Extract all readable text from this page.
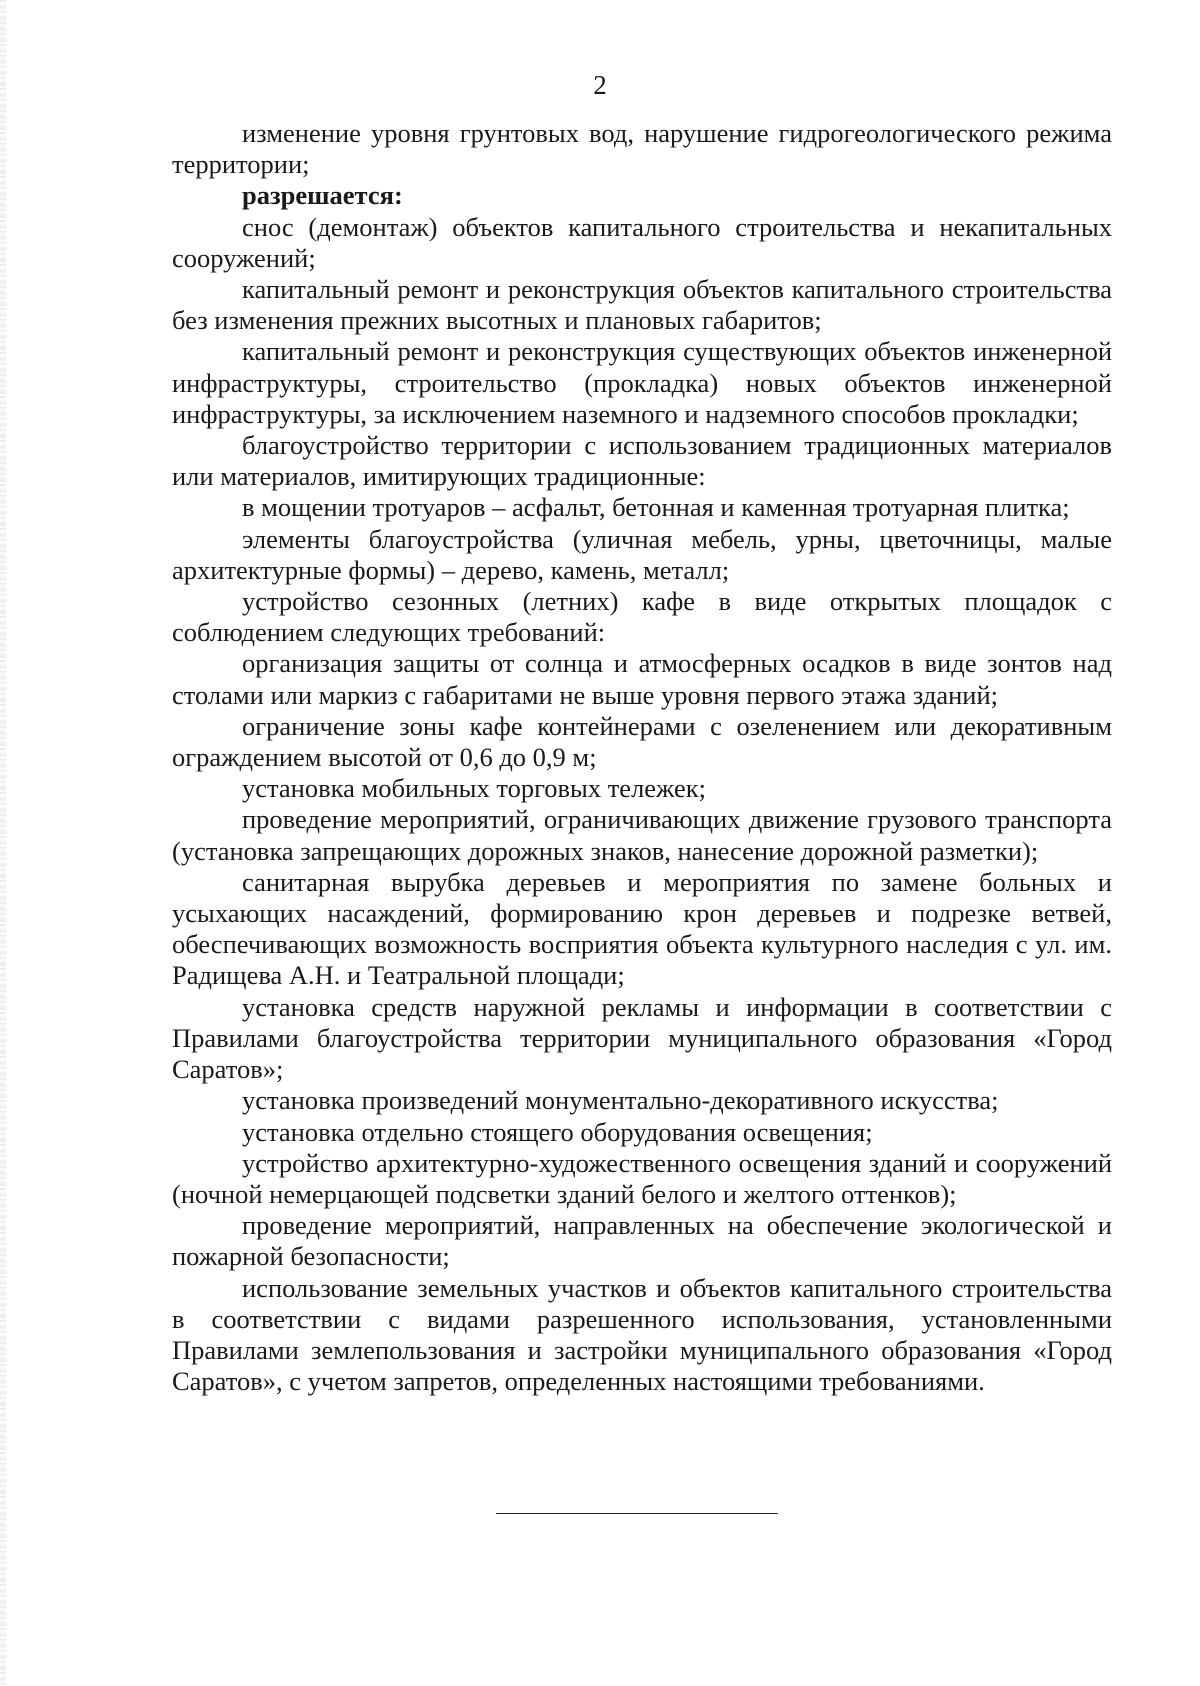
2

изменение уровня грунтовых вод, нарушение гидрогеологического режима территории;

разрешается:

снос (демонтаж) объектов капитального строительства и некапитальных сооружений;

капитальный ремонт и реконструкция объектов капитального строительства без изменения прежних высотных и плановых габаритов;

капитальный ремонт и реконструкция существующих объектов инженерной инфраструктуры, строительство (прокладка) новых объектов инженерной инфраструктуры, за исключением наземного и надземного способов прокладки;

благоустройство территории с использованием традиционных материалов или материалов, имитирующих традиционные:

в мощении тротуаров – асфальт, бетонная и каменная тротуарная плитка;

элементы благоустройства (уличная мебель, урны, цветочницы, малые архитектурные формы) – дерево, камень, металл;

устройство сезонных (летних) кафе в виде открытых площадок с соблюдением следующих требований:

организация защиты от солнца и атмосферных осадков в виде зонтов над столами или маркиз с габаритами не выше уровня первого этажа зданий;

ограничение зоны кафе контейнерами с озеленением или декоративным ограждением высотой от 0,6 до 0,9 м;

установка мобильных торговых тележек;

проведение мероприятий, ограничивающих движение грузового транспорта (установка запрещающих дорожных знаков, нанесение дорожной разметки);

санитарная вырубка деревьев и мероприятия по замене больных и усыхающих насаждений, формированию крон деревьев и подрезке ветвей, обеспечивающих возможность восприятия объекта культурного наследия с ул. им. Радищева А.Н. и Театральной площади;

установка средств наружной рекламы и информации в соответствии с Правилами благоустройства территории муниципального образования «Город Саратов»;

установка произведений монументально-декоративного искусства;

установка отдельно стоящего оборудования освещения;

устройство архитектурно-художественного освещения зданий и сооружений (ночной немерцающей подсветки зданий белого и желтого оттенков);

проведение мероприятий, направленных на обеспечение экологической и пожарной безопасности;

использование земельных участков и объектов капитального строительства в соответствии с видами разрешенного использования, установленными Правилами землепользования и застройки муниципального образования «Город Саратов», с учетом запретов, определенных настоящими требованиями.
